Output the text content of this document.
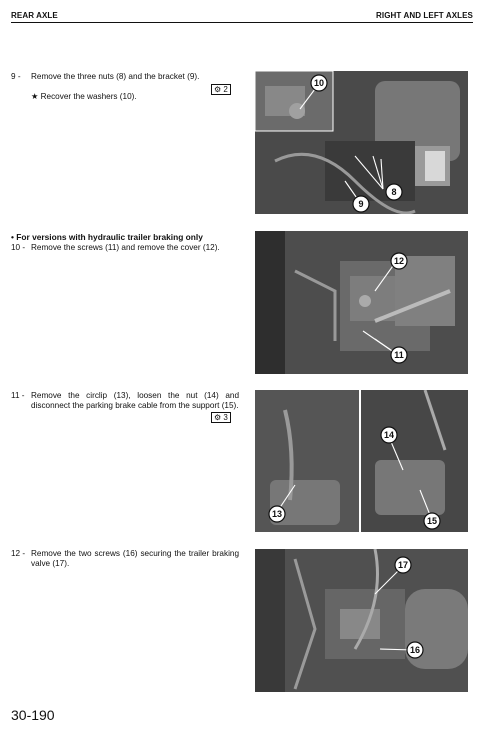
REAR AXLE	RIGHT AND LEFT AXLES
9 - Remove the three nuts (8) and the bracket (9).
★ Recover the washers (10).
⚙ 2
• For versions with hydraulic trailer braking only
10 - Remove the screws (11) and remove the cover (12).
11 - Remove the circlip (13), loosen the nut (14) and disconnect the parking brake cable from the support (15).
⚙ 3
12 - Remove the two screws (16) securing the trailer braking valve (17).
10
8
9
12
11
13
14
15
17
16
30-190
